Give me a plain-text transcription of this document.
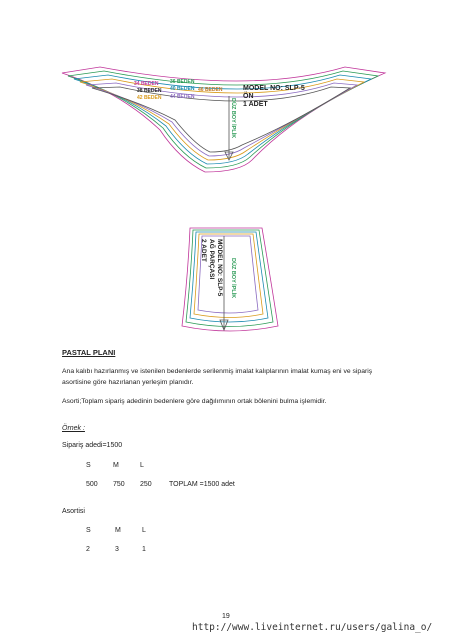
DÜZ BOY İPLİK
34 BEDEN 36 BEDEN
38 BEDEN 40 BEDEN
42 BEDEN 44 BEDEN
46 BEDEN	MODEL NO: SLP-5
ÖN
1 ADET
DÜZ BOY İPLİK
MODEL NO: SLP-5
AĞ PARÇASI
2 ADET
PASTAL PLANI
Ana kalıbı hazırlanmış ve istenilen bedenlerde serilenmiş imalat kalıplarının imalat kumaş eni ve sipariş asortisine göre hazırlanan yerleşim planıdır.
Asorti;Toplam sipariş adedinin bedenlere göre dağılımının ortak bölenini bulma işlemidir.
Örnek :
Sipariş adedi=1500
S	M	L
500	750	250	TOPLAM =1500 adet
Asortisi
S	M	L
2	3	1
19
http://www.liveinternet.ru/users/galina_o/
